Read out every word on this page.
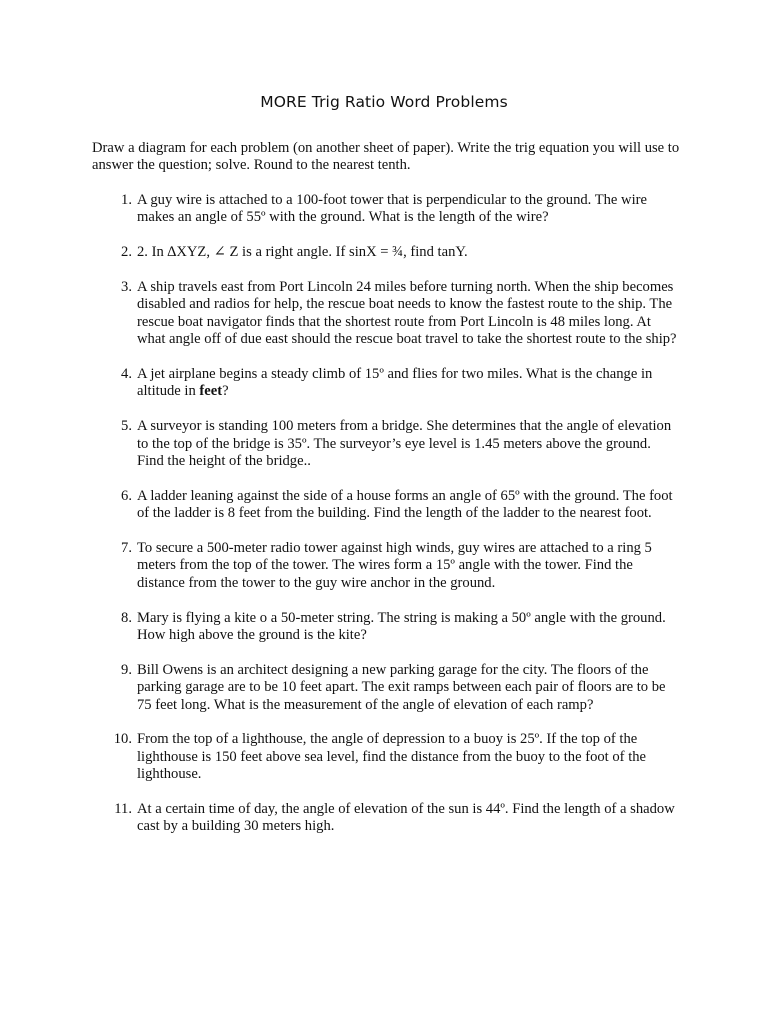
MORE Trig Ratio Word Problems

Draw a diagram for each problem (on another sheet of paper). Write the trig equation you will use to answer the question; solve. Round to the nearest tenth.

1. A guy wire is attached to a 100-foot tower that is perpendicular to the ground. The wire makes an angle of 55º with the ground. What is the length of the wire?
2. 2. In ∆XYZ, ∠ Z is a right angle. If sinX = ¾, find tanY.
3. A ship travels east from Port Lincoln 24 miles before turning north. When the ship becomes disabled and radios for help, the rescue boat needs to know the fastest route to the ship. The rescue boat navigator finds that the shortest route from Port Lincoln is 48 miles long. At what angle off of due east should the rescue boat travel to take the shortest route to the ship?
4. A jet airplane begins a steady climb of 15º and flies for two miles. What is the change in altitude in feet?
5. A surveyor is standing 100 meters from a bridge. She determines that the angle of elevation to the top of the bridge is 35º. The surveyor’s eye level is 1.45 meters above the ground. Find the height of the bridge..
6. A ladder leaning against the side of a house forms an angle of 65º with the ground. The foot of the ladder is 8 feet from the building. Find the length of the ladder to the nearest foot.
7. To secure a 500-meter radio tower against high winds, guy wires are attached to a ring 5 meters from the top of the tower. The wires form a 15º angle with the tower. Find the distance from the tower to the guy wire anchor in the ground.
8. Mary is flying a kite o a 50-meter string. The string is making a 50º angle with the ground. How high above the ground is the kite?
9. Bill Owens is an architect designing a new parking garage for the city. The floors of the parking garage are to be 10 feet apart. The exit ramps between each pair of floors are to be 75 feet long. What is the measurement of the angle of elevation of each ramp?
10. From the top of a lighthouse, the angle of depression to a buoy is 25º. If the top of the lighthouse is 150 feet above sea level, find the distance from the buoy to the foot of the lighthouse.
11. At a certain time of day, the angle of elevation of the sun is 44º. Find the length of a shadow cast by a building 30 meters high.
